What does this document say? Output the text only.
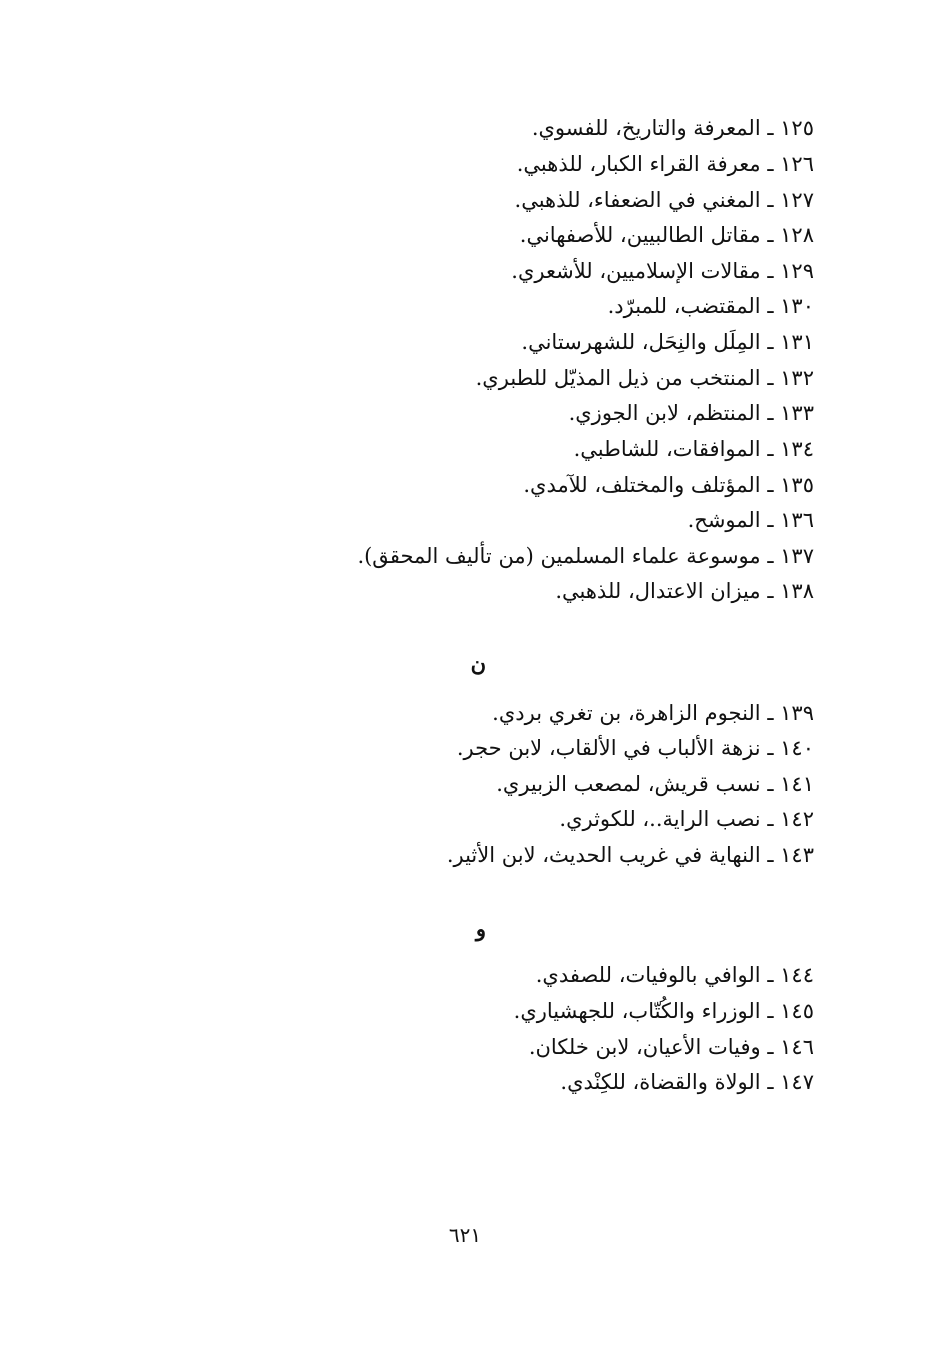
١٢٥ ـ المعرفة والتاريخ، للفسوي.
١٢٦ ـ معرفة القراء الكبار، للذهبي.
١٢٧ ـ المغني في الضعفاء، للذهبي.
١٢٨ ـ مقاتل الطالبيين، للأصفهاني.
١٢٩ ـ مقالات الإسلاميين، للأشعري.
١٣٠ ـ المقتضب، للمبرّد.
١٣١ ـ المِلَل والنِحَل، للشهرستاني.
١٣٢ ـ المنتخب من ذيل المذيّل للطبري.
١٣٣ ـ المنتظم، لابن الجوزي.
١٣٤ ـ الموافقات، للشاطبي.
١٣٥ ـ المؤتلف والمختلف، للآمدي.
١٣٦ ـ الموشح.
١٣٧ ـ موسوعة علماء المسلمين (من تأليف المحقق).
١٣٨ ـ ميزان الاعتدال، للذهبي.
ن
١٣٩ ـ النجوم الزاهرة، بن تغري بردي.
١٤٠ ـ نزهة الألباب في الألقاب، لابن حجر.
١٤١ ـ نسب قريش، لمصعب الزبيري.
١٤٢ ـ نصب الراية..، للكوثري.
١٤٣ ـ النهاية في غريب الحديث، لابن الأثير.
و
١٤٤ ـ الوافي بالوفيات، للصفدي.
١٤٥ ـ الوزراء والكُتّاب، للجهشياري.
١٤٦ ـ وفيات الأعيان، لابن خلكان.
١٤٧ ـ الولاة والقضاة، للكِنْدي.
٦٢١
